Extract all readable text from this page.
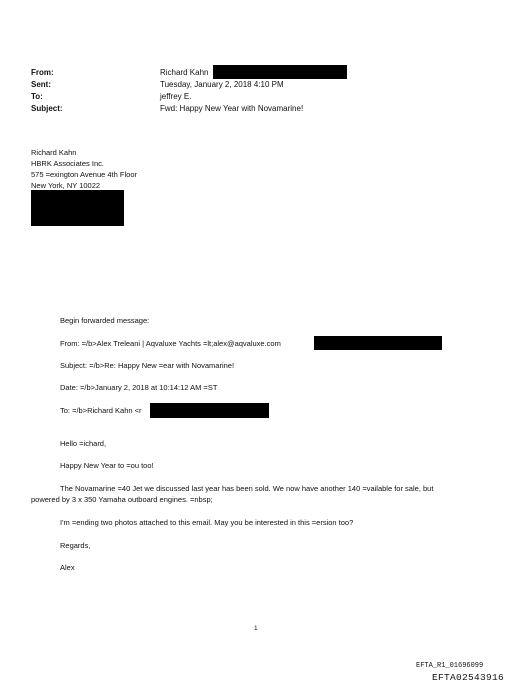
From:	Richard Kahn
Sent:	Tuesday, January 2, 2018 4:10 PM
To:	jeffrey E.
Subject:	Fwd: Happy New Year with Novamarine!
Richard Kahn
HBRK Associates Inc.
575 =exington Avenue 4th Floor
New York, NY 10022
Begin forwarded message:
From: =/b>Alex Treleani | Aqvaluxe Yachts =lt;alex@aqvaluxe.com
Subject: =/b>Re: Happy New =ear with Novamarine!
Date: =/b>January 2, 2018 at 10:14:12 AM =ST
To: =/b>Richard Kahn <r
Hello =ichard,
Happy New Year to =ou too!
The Novamarine =40 Jet we discussed last year has been sold. We now have another 140 =vailable for sale, but
powered by 3 x 350 Yamaha outboard engines. =nbsp;
I'm =ending two photos attached to this email. May you be interested in this =ersion too?
Regards,
Alex
1
EFTA_R1_01696099
EFTA02543916
